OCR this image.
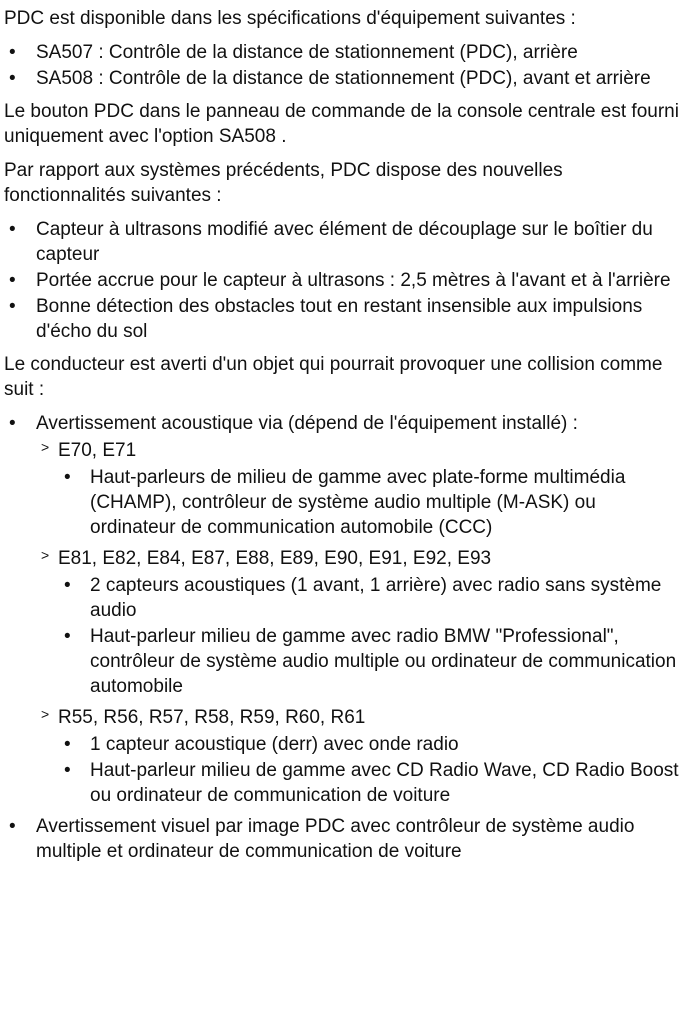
PDC est disponible dans les spécifications d'équipement suivantes :

• SA507 : Contrôle de la distance de stationnement (PDC), arrière
• SA508 : Contrôle de la distance de stationnement (PDC), avant et arrière

Le bouton PDC dans le panneau de commande de la console centrale est fourni uniquement avec l'option SA508 .

Par rapport aux systèmes précédents, PDC dispose des nouvelles fonctionnalités suivantes :

• Capteur à ultrasons modifié avec élément de découplage sur le boîtier du capteur
• Portée accrue pour le capteur à ultrasons : 2,5 mètres à l'avant et à l'arrière
• Bonne détection des obstacles tout en restant insensible aux impulsions d'écho du sol

Le conducteur est averti d'un objet qui pourrait provoquer une collision comme suit :

• Avertissement acoustique via (dépend de l'équipement installé) :
> E70, E71
• Haut-parleurs de milieu de gamme avec plate-forme multimédia (CHAMP), contrôleur de système audio multiple (M-ASK) ou ordinateur de communication automobile (CCC)
> E81, E82, E84, E87, E88, E89, E90, E91, E92, E93
• 2 capteurs acoustiques (1 avant, 1 arrière) avec radio sans système audio
• Haut-parleur milieu de gamme avec radio BMW "Professional", contrôleur de système audio multiple ou ordinateur de communication automobile
> R55, R56, R57, R58, R59, R60, R61
• 1 capteur acoustique (derr) avec onde radio
• Haut-parleur milieu de gamme avec CD Radio Wave, CD Radio Boost ou ordinateur de communication de voiture
• Avertissement visuel par image PDC avec contrôleur de système audio multiple et ordinateur de communication de voiture
